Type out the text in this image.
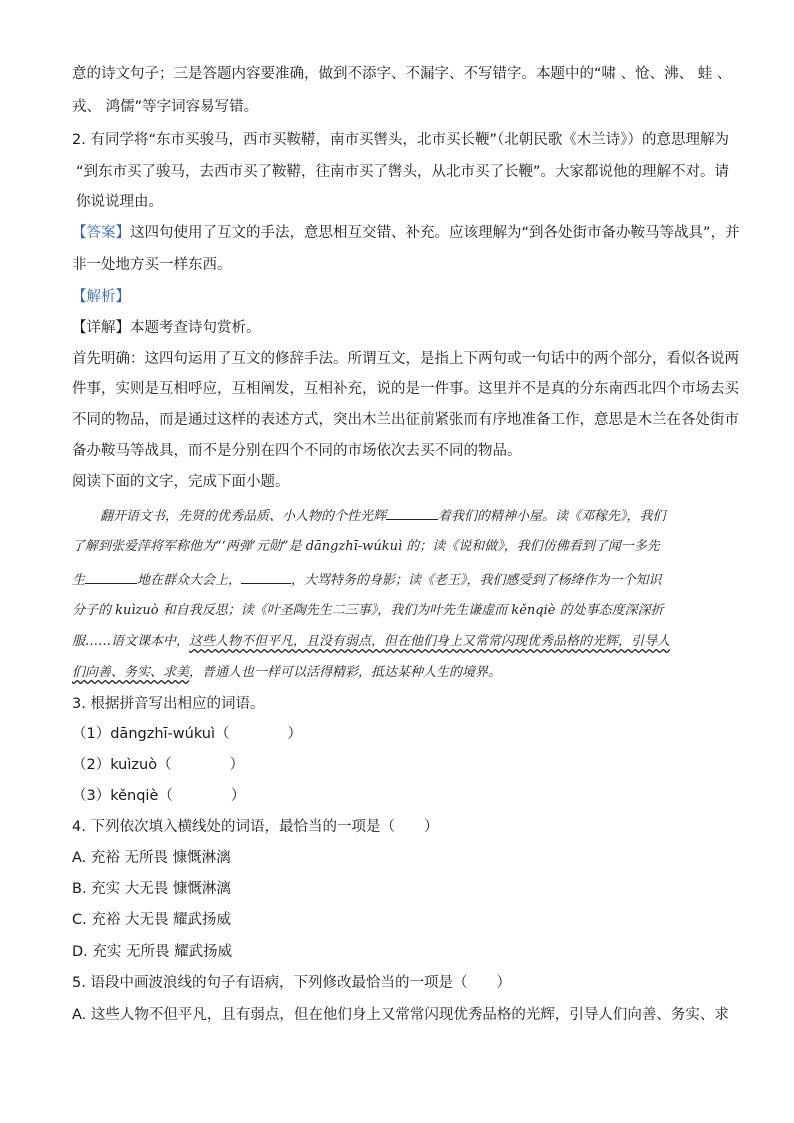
意的诗文句子；三是答题内容要准确，做到不添字、不漏字、不写错字。本题中的“啸 、怆、沸、 蛙 、
戎、 鸿儒”等字词容易写错。
2. 有同学将“东市买骏马，西市买鞍鞯，南市买辔头，北市买长鞭”（北朝民歌《木兰诗》）的意思理解为
“到东市买了骏马，去西市买了鞍鞯，往南市买了辔头，从北市买了长鞭”。大家都说他的理解不对。请
你说说理由。
【答案】这四句使用了互文的手法，意思相互交错、补充。应该理解为“到各处街市备办鞍马等战具”，并
非一处地方买一样东西。
【解析】
【详解】本题考查诗句赏析。
首先明确：这四句运用了互文的修辞手法。所谓互文，是指上下两句或一句话中的两个部分，看似各说两
件事，实则是互相呼应，互相阐发，互相补充，说的是一件事。这里并不是真的分东南西北四个市场去买
不同的物品，而是通过这样的表述方式，突出木兰出征前紧张而有序地准备工作，意思是木兰在各处街市
备办鞍马等战具，而不是分别在四个不同的市场依次去买不同的物品。
阅读下面的文字，完成下面小题。
翻开语文书，先贤的优秀品质、小人物的个性光辉	着我们的精神小屋。读《邓稼先》，我们
了解到张爱萍将军称他为“‘两弹’元勋”是 dāngzhī-wúkuì 的；读《说和做》，我们仿佛看到了闻一多先
生	地在群众大会上，	，大骂特务的身影；读《老王》，我们感受到了杨绛作为一个知识
分子的 kuìzuò 和自我反思；读《叶圣陶先生二三事》，我们为叶先生谦虚而 kěnqiè 的处事态度深深折
服……语文课本中，这些人物不但平凡，且没有弱点，但在他们身上又常常闪现优秀品格的光辉，引导人
们向善、务实、求美，普通人也一样可以活得精彩，抵达某种人生的境界。
3. 根据拼音写出相应的词语。
（1）dāngzhī-wúkuì（	）
（2）kuìzuò（	）
（3）kěnqiè（	）
4. 下列依次填入横线处的词语，最恰当的一项是（　　）
A. 充裕 无所畏 慷慨淋漓
B. 充实 大无畏 慷慨淋漓
C. 充裕 大无畏 耀武扬威
D. 充实 无所畏 耀武扬威
5. 语段中画波浪线的句子有语病，下列修改最恰当的一项是（　　）
A. 这些人物不但平凡，且有弱点，但在他们身上又常常闪现优秀品格的光辉，引导人们向善、务实、求
